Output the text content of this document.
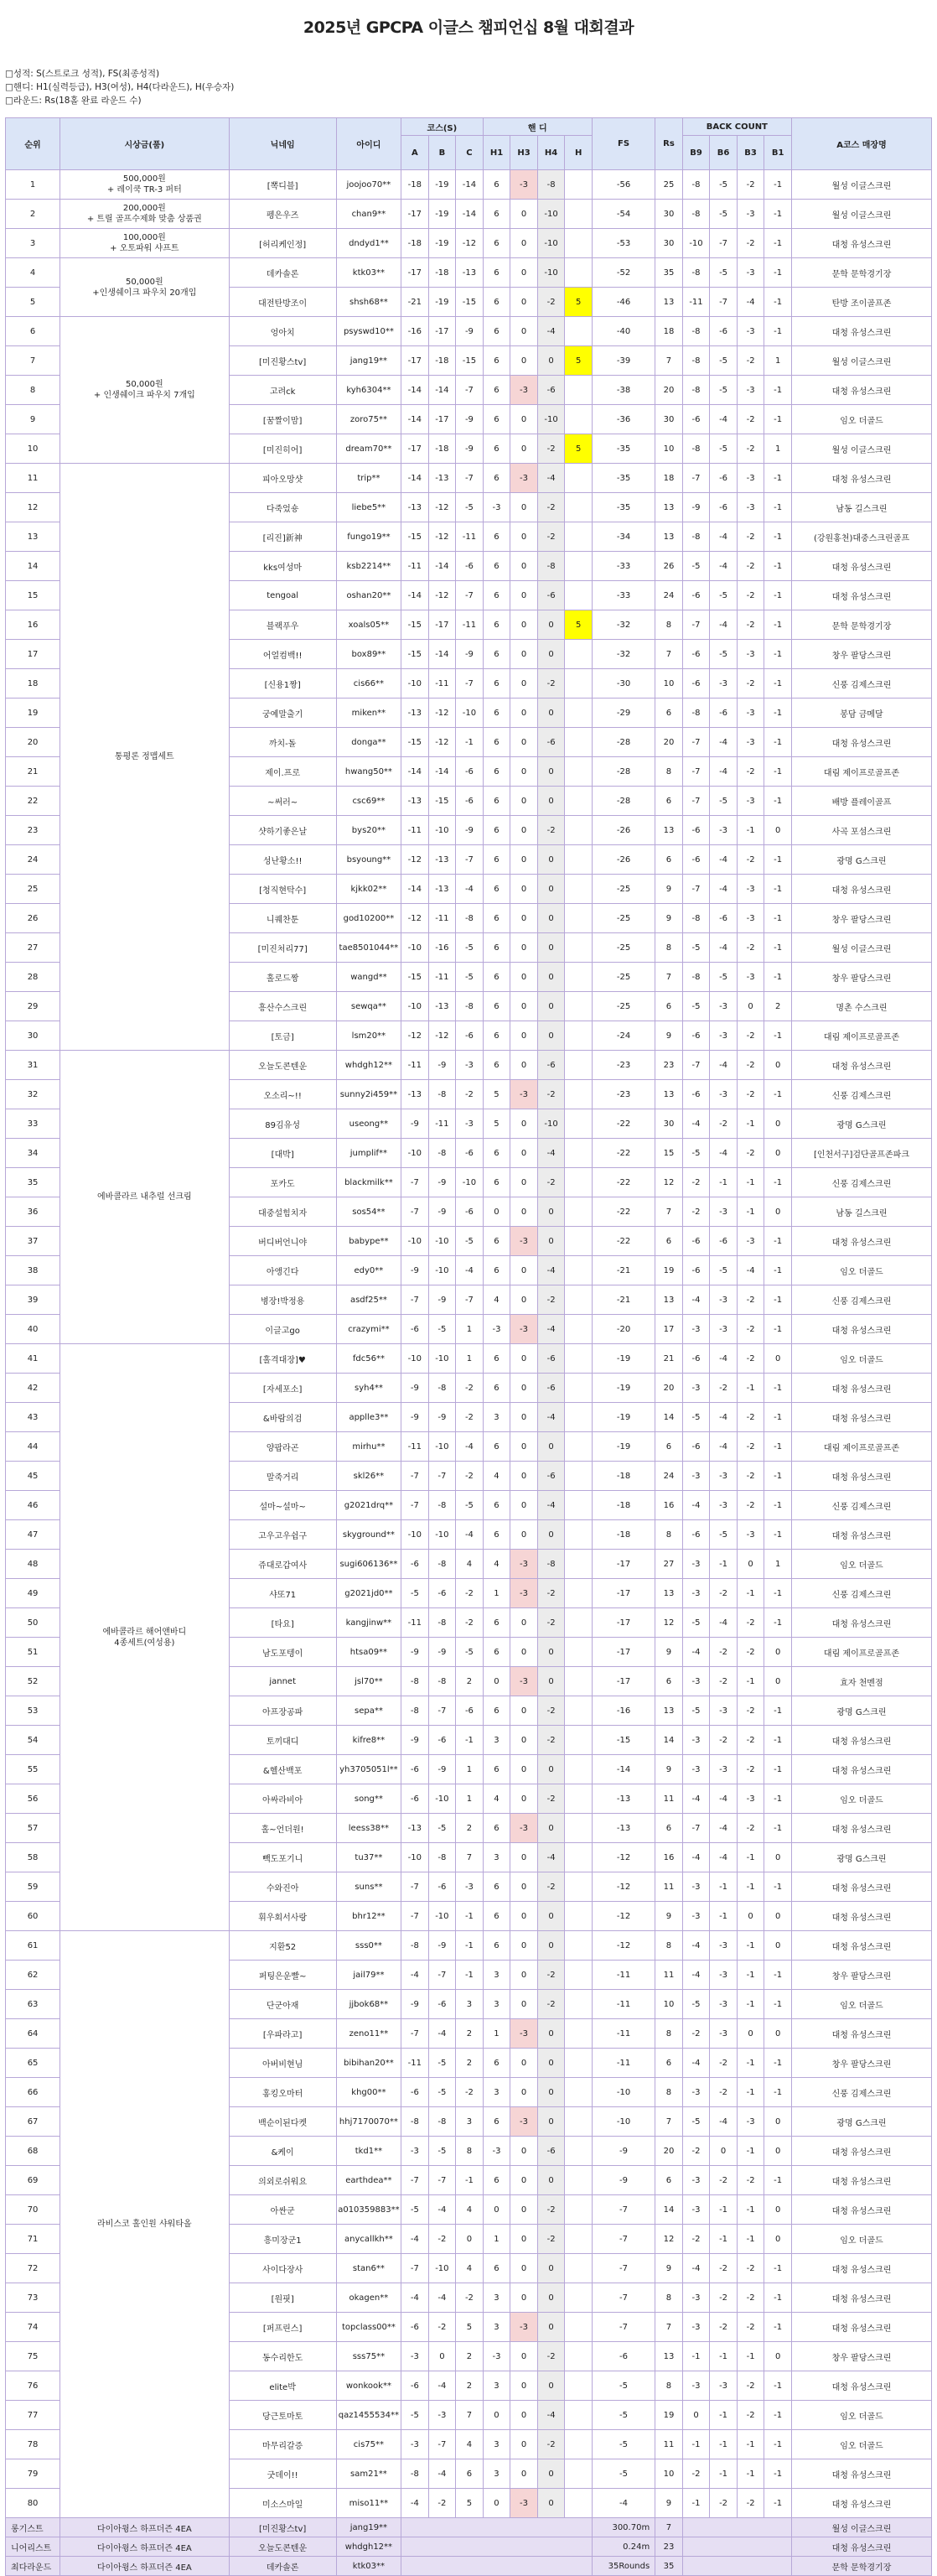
2025년 GPCPA 이글스 챔피언십 8월 대회결과
□ 성적: S(스트로크 성적), FS(최종성적)
□ 핸디: H1(실력등급), H3(여성), H4(다라운드), H(우승자)
□ 라운드: Rs(18홀 완료 라운드 수)
순위	시상금(품)	닉네임	아이디	코스(S)			핸 디				FS	Rs	BACK COUNT				A코스 매장명
				A	B	C	H1	H3	H4	H			B9	B6	B3	B1	
1	500,000원
+ 레이쿡 TR-3 퍼터	[뽁디블]	joojoo70**	-18	-19	-14	6	-3	-8		-56	25	-8	-5	-2	-1	월성 이글스크린
2	200,000원
+ 트릴 골프수제화 맞춤 상품권	펭은우즈	chan9**	-17	-19	-14	6	0	-10		-54	30	-8	-5	-3	-1	월성 이글스크린
3	100,000원
+ 오토파워 샤프트	[허리케인정]	dndyd1**	-18	-19	-12	6	0	-10		-53	30	-10	-7	-2	-1	대청 유성스크린
4	50,000원
+인생쉐이크 파우치 20개입	데카솔론	ktk03**	-17	-18	-13	6	0	-10		-52	35	-8	-5	-3	-1	문학 문학경기장
5		대전탄방조이	shsh68**	-21	-19	-15	6	0	-2	5	-46	13	-11	-7	-4	-1	탄방 조이골프존
6	50,000원
+ 인생쉐이크 파우치 7개입	엉아치	psyswd10**	-16	-17	-9	6	0	-4		-40	18	-8	-6	-3	-1	대청 유성스크린
7		[미진황스tv]	jang19**	-17	-18	-15	6	0	0	5	-39	7	-8	-5	-2	1	월성 이글스크린
8		고려ck	kyh6304**	-14	-14	-7	6	-3	-6		-38	20	-8	-5	-3	-1	대청 유성스크린
9		[꿈짤이맘]	zoro75**	-14	-17	-9	6	0	-10		-36	30	-6	-4	-2	-1	임오 더골드
10		[미진히어]	dream70**	-17	-18	-9	6	0	-2	5	-35	10	-8	-5	-2	1	월성 이글스크린
11	통평론 정맵세트	피아오망샷	trip**	-14	-13	-7	6	-3	-4		-35	18	-7	-6	-3	-1	대청 유성스크린
12		다죽었숑	liebe5**	-13	-12	-5	-3	0	-2		-35	13	-9	-6	-3	-1	남동 길스크린
13		[리진]新神	fungo19**	-15	-12	-11	6	0	-2		-34	13	-8	-4	-2	-1	(강원홍천)대중스크린골프
14		kks여성마	ksb2214**	-11	-14	-6	6	0	-8		-33	26	-5	-4	-2	-1	대청 유성스크린
15		tengoal	oshan20**	-14	-12	-7	6	0	-6		-33	24	-6	-5	-2	-1	대청 유성스크린
16		블랙푸우	xoals05**	-15	-17	-11	6	0	0	5	-32	8	-7	-4	-2	-1	문학 문학경기장
17		어얼컴백!!	box89**	-15	-14	-9	6	0	0		-32	7	-6	-5	-3	-1	창우 팔당스크린
18		[신용1짱]	cis66**	-10	-11	-7	6	0	-2		-30	10	-6	-3	-2	-1	신풍 김제스크린
19		궁예말출기	miken**	-13	-12	-10	6	0	0		-29	6	-8	-6	-3	-1	봉담 금메달
20		까치-돌	donga**	-15	-12	-1	6	0	-6		-28	20	-7	-4	-3	-1	대청 유성스크린
21		제이.프로	hwang50**	-14	-14	-6	6	0	0		-28	8	-7	-4	-2	-1	대림 제이프로골프존
22		~써러~	csc69**	-13	-15	-6	6	0	0		-28	6	-7	-5	-3	-1	배방 플레이골프
23		샷하기좋은날	bys20**	-11	-10	-9	6	0	-2		-26	13	-6	-3	-1	0	사곡 포섬스크린
24		성난황소!!	bsyoung**	-12	-13	-7	6	0	0		-26	6	-6	-4	-2	-1	광명 G스크린
25		[청직현탁수]	kjkk02**	-14	-13	-4	6	0	0		-25	9	-7	-4	-3	-1	대청 유성스크린
26		니퀘찬툰	god10200**	-12	-11	-8	6	0	0		-25	9	-8	-6	-3	-1	창우 팔당스크린
27		[미진처리77]	tae8501044**	-10	-16	-5	6	0	0		-25	8	-5	-4	-2	-1	월성 이글스크린
28		홀로드짱	wangd**	-15	-11	-5	6	0	0		-25	7	-8	-5	-3	-1	창우 팔당스크린
29		흥산수스크린	sewqa**	-10	-13	-8	6	0	0		-25	6	-5	-3	0	2	명촌 수스크린
30		[토금]	lsm20**	-12	-12	-6	6	0	0		-24	9	-6	-3	-2	-1	대림 제이프로골프존
31	에바콜라르 내추럴 선크림	오늘도콘텐운	whdgh12**	-11	-9	-3	6	0	-6		-23	23	-7	-4	-2	0	대청 유성스크린
32		오소리~!!	sunny2i459**	-13	-8	-2	5	-3	-2		-23	13	-6	-3	-2	-1	신풍 김제스크린
33		89김유성	useong**	-9	-11	-3	5	0	-10		-22	30	-4	-2	-1	0	광명 G스크린
34		[대박]	jumplif**	-10	-8	-6	6	0	-4		-22	15	-5	-4	-2	0	[인천서구]검단골프존파크
35		포카도	blackmilk**	-7	-9	-10	6	0	-2		-22	12	-2	-1	-1	-1	신풍 김제스크린
36		대중설힘치자	sos54**	-7	-9	-6	0	0	0		-22	7	-2	-3	-1	0	남동 길스크린
37		버디버언니야	babype**	-10	-10	-5	6	-3	0		-22	6	-6	-6	-3	-1	대청 유성스크린
38		아앵긴다	edy0**	-9	-10	-4	6	0	-4		-21	19	-6	-5	-4	-1	임오 더골드
39		병장!박정용	asdf25**	-7	-9	-7	4	0	-2		-21	13	-4	-3	-2	-1	신풍 김제스크린
40		이글고go	crazymi**	-6	-5	1	-3	-3	-4		-20	17	-3	-3	-2	-1	대청 유성스크린
41	에바콜라르 해어앤바디
4종세트(여성용)	[홀격대장]♥	fdc56**	-10	-10	1	6	0	-6		-19	21	-6	-4	-2	0	임오 더골드
42		[자세포소]	syh4**	-9	-8	-2	6	0	-6		-19	20	-3	-2	-1	-1	대청 유성스크린
43		&바람의검	applle3**	-9	-9	-2	3	0	-4		-19	14	-5	-4	-2	-1	대청 유성스크린
44		양팝라곤	mirhu**	-11	-10	-4	6	0	0		-19	6	-6	-4	-2	-1	대림 제이프로골프존
45		말죽거리	skl26**	-7	-7	-2	4	0	-6		-18	24	-3	-3	-2	-1	대청 유성스크린
46		설마~설마~	g2021drq**	-7	-8	-5	6	0	-4		-18	16	-4	-3	-2	-1	신풍 김제스크린
47		고우고우쉼구	skyground**	-10	-10	-4	6	0	0		-18	8	-6	-5	-3	-1	대청 유성스크린
48		쥬대로갑여사	sugi606136**	-6	-8	4	4	-3	-8		-17	27	-3	-1	0	1	임오 더골드
49		샤또71	g2021jd0**	-5	-6	-2	1	-3	-2		-17	13	-3	-2	-1	-1	신풍 김제스크린
50		[타요]	kangjinw**	-11	-8	-2	6	0	-2		-17	12	-5	-4	-2	-1	대청 유성스크린
51		남도포텡이	htsa09**	-9	-9	-5	6	0	0		-17	9	-4	-2	-2	0	대림 제이프로골프존
52		jannet	jsl70**	-8	-8	2	0	-3	0		-17	6	-3	-2	-1	0	효자 천멘점
53		아프장공파	sepa**	-8	-7	-6	6	0	-2		-16	13	-5	-3	-2	-1	광명 G스크린
54		토끼대디	kifre8**	-9	-6	-1	3	0	-2		-15	14	-3	-2	-2	-1	대청 유성스크린
55		&헬산백포	yh3705051l**	-6	-9	1	6	0	0		-14	9	-3	-3	-2	-1	대청 유성스크린
56		아싸라비아	song**	-6	-10	1	4	0	-2		-13	11	-4	-4	-3	-1	임오 더골드
57		홀~언더원!	leess38**	-13	-5	2	6	-3	0		-13	6	-7	-4	-2	-1	대청 유성스크린
58		빽도포기니	tu37**	-10	-8	7	3	0	-4		-12	16	-4	-4	-1	0	광명 G스크린
59		수와진아	suns**	-7	-6	-3	6	0	-2		-12	11	-3	-1	-1	-1	대청 유성스크린
60		휘우회서사랑	bhr12**	-7	-10	-1	6	0	0		-12	9	-3	-1	0	0	대청 유성스크린
61	라비스코 홀인원 샤워타올	지환52	sss0**	-8	-9	-1	6	0	0		-12	8	-4	-3	-1	0	대청 유성스크린
62		퍼팅은운빨~	jail79**	-4	-7	-1	3	0	-2		-11	11	-4	-3	-1	-1	창우 팔당스크린
63		단군아재	jjbok68**	-9	-6	3	3	0	-2		-11	10	-5	-3	-1	-1	임오 더골드
64		[우파라고]	zeno11**	-7	-4	2	1	-3	0		-11	8	-2	-3	0	0	대청 유성스크린
65		아버비현님	bibihan20**	-11	-5	2	6	0	0		-11	6	-4	-2	-1	-1	창우 팔당스크린
66		홍킹오마터	khg00**	-6	-5	-2	3	0	0		-10	8	-3	-2	-1	-1	신풍 김제스크린
67		백순이된다켓	hhj7170070**	-8	-8	3	6	-3	0		-10	7	-5	-4	-3	0	광명 G스크린
68		&케이	tkd1**	-3	-5	8	-3	0	-6		-9	20	-2	0	-1	0	대청 유성스크린
69		의외로쉬워요	earthdea**	-7	-7	-1	6	0	0		-9	6	-3	-2	-2	-1	대청 유성스크린
70		아싼군	a010359883**	-5	-4	4	0	0	-2		-7	14	-3	-1	-1	0	대청 유성스크린
71		흥미장군1	anycallkh**	-4	-2	0	1	0	-2		-7	12	-2	-1	-1	0	임오 더골드
72		사이다장사	stan6**	-7	-10	4	6	0	0		-7	9	-4	-2	-2	-1	대청 유성스크린
73		[원핏]	okagen**	-4	-4	-2	3	0	0		-7	8	-3	-2	-2	-1	대청 유성스크린
74		[퍼프린스]	topclass00**	-6	-2	5	3	-3	0		-7	7	-3	-2	-2	-1	대청 유성스크린
75		동수리한도	sss75**	-3	0	2	-3	0	-2		-6	13	-1	-1	-1	0	창우 팔당스크린
76		elite박	wonkook**	-6	-4	2	3	0	0		-5	8	-3	-3	-2	-1	대청 유성스크린
77		당근토마토	qaz1455534**	-5	-3	7	0	0	-4		-5	19	0	-1	-2	-1	임오 더골드
78		마무리갈증	cis75**	-3	-7	4	3	0	-2		-5	11	-1	-1	-1	-1	임오 더골드
79		굿데이!!	sam21**	-8	-4	6	3	0	0		-5	10	-2	-1	-1	-1	대청 유성스크린
80		미소스마일	miso11**	-4	-2	5	0	-3	0		-4	9	-1	-2	-2	-1	대청 유성스크린
롱기스트	다이아윙스 하프더즌 4EA	[미진황스tv]	jang19**								300.70m	7					월성 이글스크린
니어리스트	다이아윙스 하프더즌 4EA	오늘도콘텐운	whdgh12**								0.24m	23					대청 유성스크린
최다라운드	다이아윙스 하프더즌 4EA	데카솔론	ktk03**								35Rounds	35					문학 문학경기장
